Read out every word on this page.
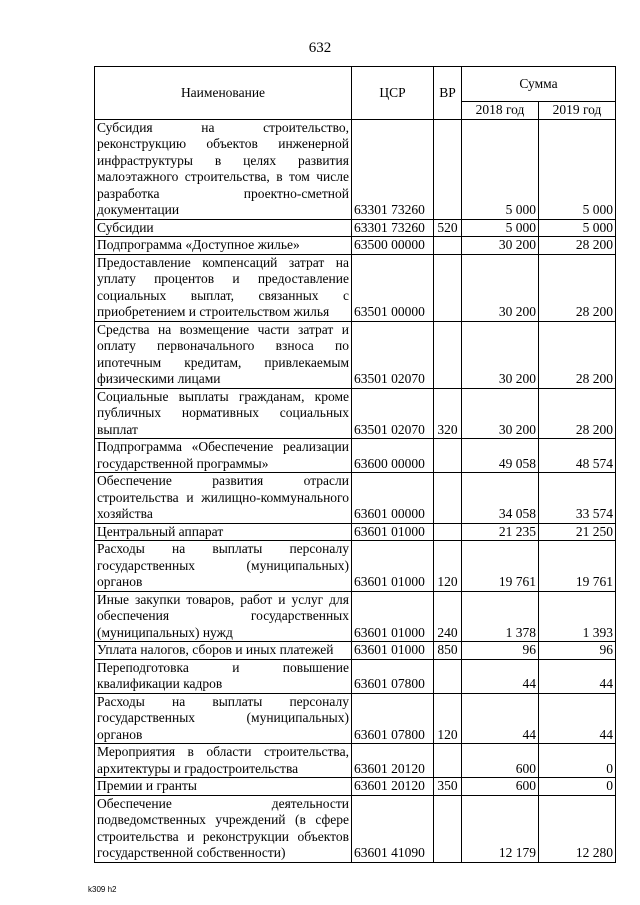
632
Наименование	ЦСР	ВР	Сумма	
			2018 год	2019 год
Субсидия на строительство, реконструкцию объектов инженерной инфраструктуры в целях развития малоэтажного строительства, в том числе разработка проектно-сметной документации	63301 73260		5 000	5 000
Субсидии	63301 73260	520	5 000	5 000
Подпрограмма «Доступное жилье»	63500 00000		30 200	28 200
Предоставление компенсаций затрат на уплату процентов и предоставление социальных выплат, связанных с приобретением и строительством жилья	63501 00000		30 200	28 200
Средства на возмещение части затрат и оплату первоначального взноса по ипотечным кредитам, привлекаемым физическими лицами	63501 02070		30 200	28 200
Социальные выплаты гражданам, кроме публичных нормативных социальных выплат	63501 02070	320	30 200	28 200
Подпрограмма «Обеспечение реализации государственной программы»	63600 00000		49 058	48 574
Обеспечение развития отрасли строительства и жилищно-коммунального хозяйства	63601 00000		34 058	33 574
Центральный аппарат	63601 01000		21 235	21 250
Расходы на выплаты персоналу государственных (муниципальных) органов	63601 01000	120	19 761	19 761
Иные закупки товаров, работ и услуг для обеспечения государственных (муниципальных) нужд	63601 01000	240	1 378	1 393
Уплата налогов, сборов и иных платежей	63601 01000	850	96	96
Переподготовка и повышение квалификации кадров	63601 07800		44	44
Расходы на выплаты персоналу государственных (муниципальных) органов	63601 07800	120	44	44
Мероприятия в области строительства, архитектуры и градостроительства	63601 20120		600	0
Премии и гранты	63601 20120	350	600	0
Обеспечение деятельности подведомственных учреждений (в сфере строительства и реконструкции объектов государственной собственности)	63601 41090		12 179	12 280
k309 h2
